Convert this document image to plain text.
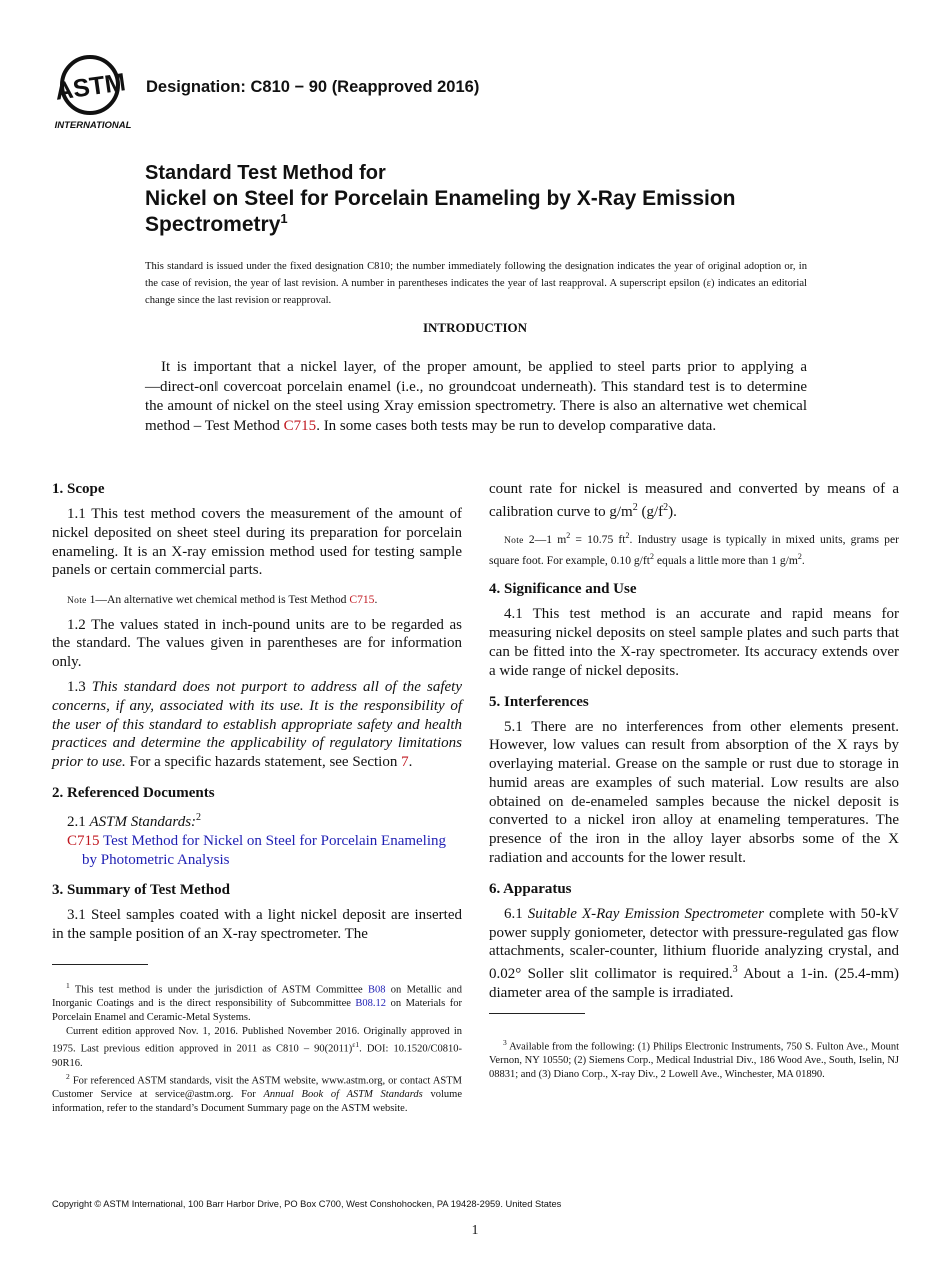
ASTM
INTERNATIONAL
Designation: C810 − 90 (Reapproved 2016)
Standard Test Method for
Nickel on Steel for Porcelain Enameling by X-Ray Emission
Spectrometry$^1$
This standard is issued under the fixed designation C810; the number immediately following the designation indicates the year of original adoption or, in the case of revision, the year of last revision. A number in parentheses indicates the year of last reapproval. A superscript epsilon (ε) indicates an editorial change since the last revision or reapproval.
INTRODUCTION
It is important that a nickel layer, of the proper amount, be applied to steel parts prior to applying a ―direct-on‖ covercoat porcelain enamel (i.e., no groundcoat underneath). This standard test is to determine the amount of nickel on the steel using Xray emission spectrometry. There is also an alternative wet chemical method – Test Method C715. In some cases both tests may be run to develop comparative data.
1. Scope

1.1 This test method covers the measurement of the amount of nickel deposited on sheet steel during its preparation for porcelain enameling. It is an X-ray emission method used for testing sample panels or certain commercial parts.

Note 1—An alternative wet chemical method is Test Method C715.

1.2 The values stated in inch-pound units are to be regarded as the standard. The values given in parentheses are for information only.

1.3 This standard does not purport to address all of the safety concerns, if any, associated with its use. It is the responsibility of the user of this standard to establish appropriate safety and health practices and determine the applicability of regulatory limitations prior to use. For a specific hazards statement, see Section 7.

2. Referenced Documents

2.1 ASTM Standards:$^2$

C715 Test Method for Nickel on Steel for Porcelain Enameling by Photometric Analysis

3. Summary of Test Method

3.1 Steel samples coated with a light nickel deposit are inserted in the sample position of an X-ray spectrometer. The

$^1$ This test method is under the jurisdiction of ASTM Committee B08 on Metallic and Inorganic Coatings and is the direct responsibility of Subcommittee B08.12 on Materials for Porcelain Enamel and Ceramic-Metal Systems.

Current edition approved Nov. 1, 2016. Published November 2016. Originally approved in 1975. Last previous edition approved in 2011 as $C810 - 90(2011)^{\varepsilon 1}$. DOI: 10.1520/C0810-90R16.

$^2$ For referenced ASTM standards, visit the ASTM website, www.astm.org, or contact ASTM Customer Service at service@astm.org. For Annual Book of ASTM Standards volume information, refer to the standard’s Document Summary page on the ASTM website.

count rate for nickel is measured and converted by means of a calibration curve to $g/m^2$ $(g/f^2)$.

Note 2—1 $m^2 = 10.75$ $ft^2$. Industry usage is typically in mixed units, grams per square foot. For example, 0.10 $g/ft^2$ equals a little more than 1 $g/m^2$.

4. Significance and Use

4.1 This test method is an accurate and rapid means for measuring nickel deposits on steel sample plates and such parts that can be fitted into the X-ray spectrometer. Its accuracy extends over a wide range of nickel deposits.

5. Interferences

5.1 There are no interferences from other elements present. However, low values can result from absorption of the X rays by overlaying material. Grease on the sample or rust due to storage in humid areas are examples of such material. Low results are also obtained on de-enameled samples because the nickel deposit is converted to a nickel iron alloy at enameling temperatures. The presence of the iron in the alloy layer absorbs some of the X radiation and accounts for the lower result.

6. Apparatus

6.1 Suitable X-Ray Emission Spectrometer complete with 50-kV power supply goniometer, detector with pressure-regulated gas flow attachments, scaler-counter, lithium fluoride analyzing crystal, and 0.02° Soller slit collimator is required.$^3$ About a 1-in. (25.4-mm) diameter area of the sample is irradiated.

$^3$ Available from the following: (1) Philips Electronic Instruments, 750 S. Fulton Ave., Mount Vernon, NY 10550; (2) Siemens Corp., Medical Industrial Div., 186 Wood Ave., South, Iselin, NJ 08831; and (3) Diano Corp., X-ray Div., 2 Lowell Ave., Winchester, MA 01890.

Copyright © ASTM International, 100 Barr Harbor Drive, PO Box C700, West Conshohocken, PA 19428-2959. United States
1
